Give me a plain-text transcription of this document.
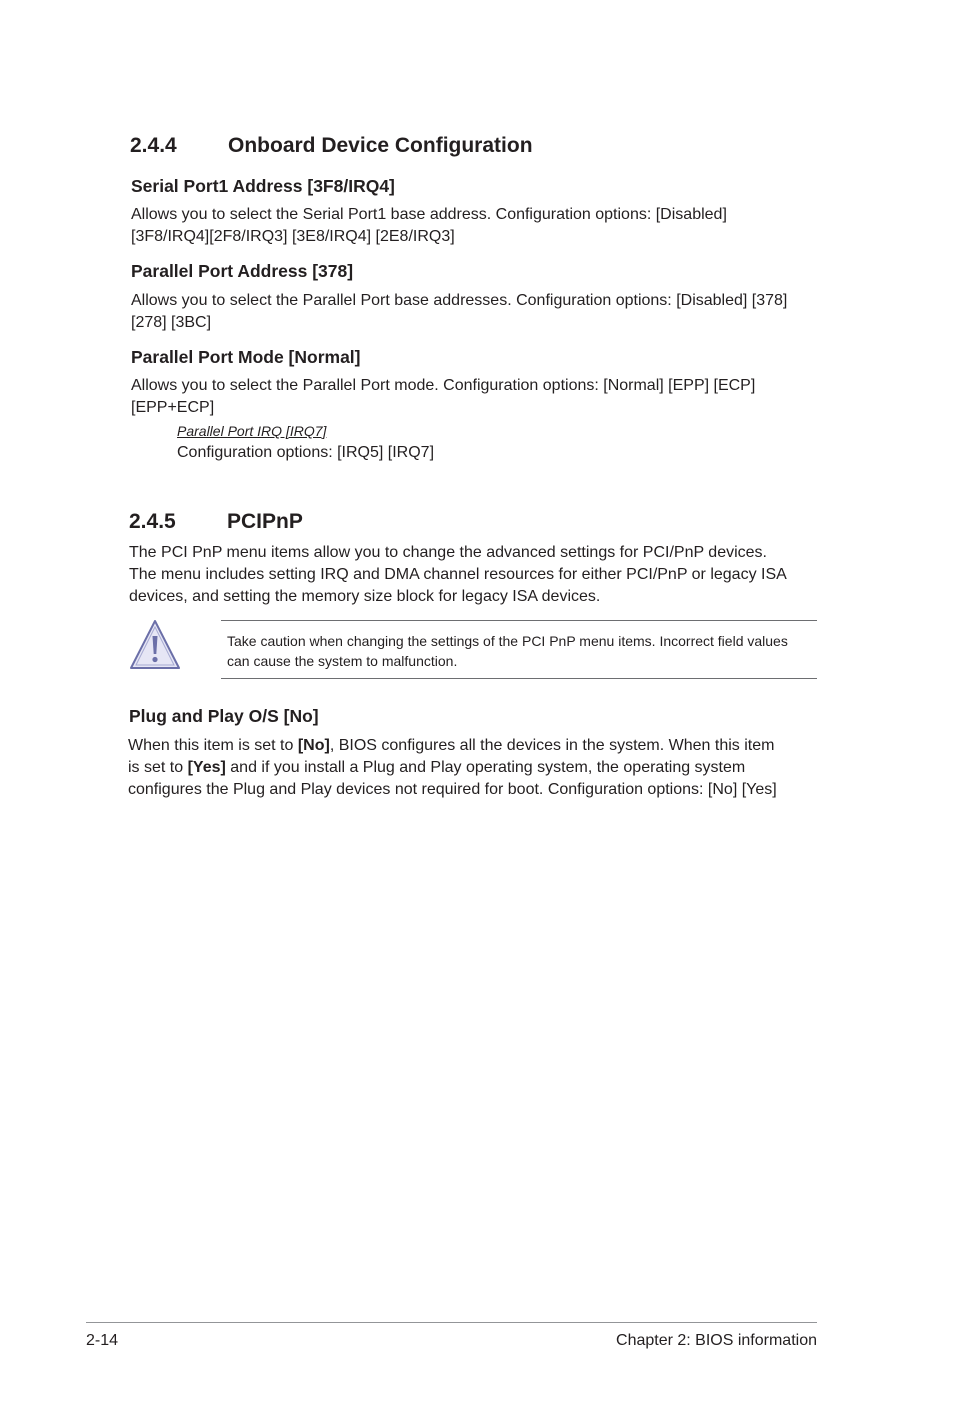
2.4.4 Onboard Device Configuration
Serial Port1 Address [3F8/IRQ4]

Allows you to select the Serial Port1 base address. Configuration options: [Disabled]
[3F8/IRQ4][2F8/IRQ3] [3E8/IRQ4] [2E8/IRQ3]

Parallel Port Address [378]

Allows you to select the Parallel Port base addresses. Configuration options: [Disabled] [378]
[278] [3BC]

Parallel Port Mode [Normal]

Allows you to select the Parallel Port mode. Configuration options: [Normal] [EPP] [ECP]
[EPP+ECP]

Parallel Port IRQ [IRQ7]
Configuration options: [IRQ5] [IRQ7]
2.4.5 PCIPnP

The PCI PnP menu items allow you to change the advanced settings for PCI/PnP devices.
The menu includes setting IRQ and DMA channel resources for either PCI/PnP or legacy ISA
devices, and setting the memory size block for legacy ISA devices.

Take caution when changing the settings of the PCI PnP menu items. Incorrect field values
can cause the system to malfunction.
Plug and Play O/S [No]

When this item is set to [No], BIOS configures all the devices in the system. When this item
is set to [Yes] and if you install a Plug and Play operating system, the operating system
configures the Plug and Play devices not required for boot. Configuration options: [No] [Yes]

2-14	Chapter 2: BIOS information
